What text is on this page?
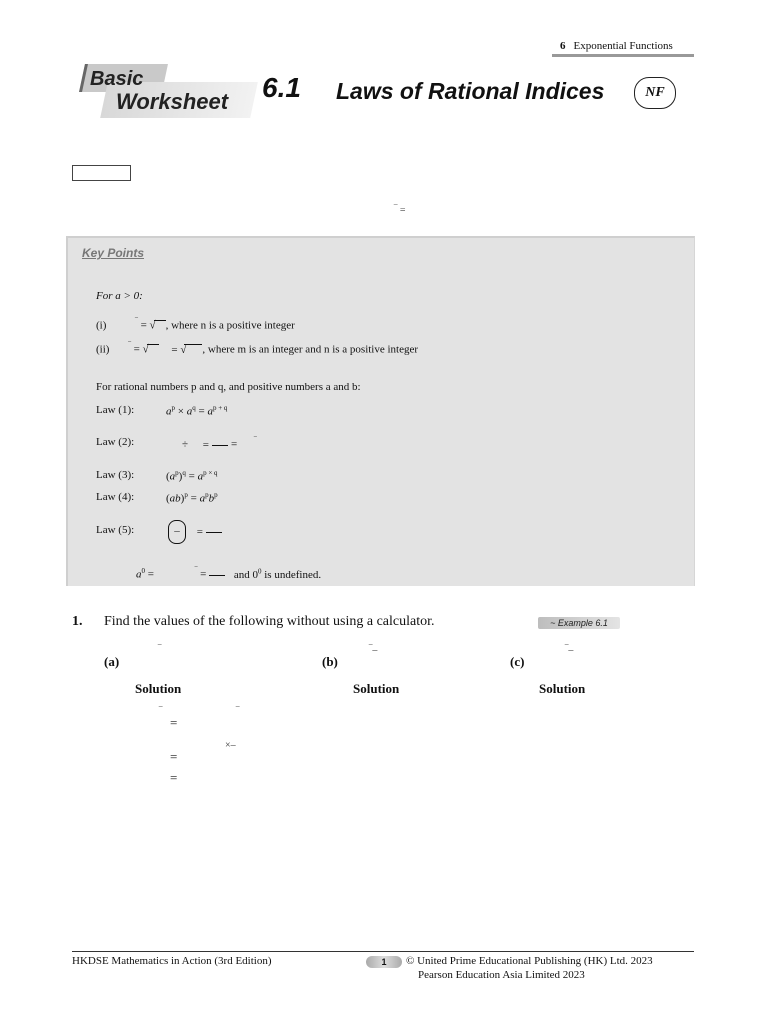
6 Exponential Functions
Basic
Worksheet 6.1 Laws of Rational Indices	NF
‾ =
Key Points
For a > 0:
(i)	‾ = √ , where n is a positive integer
(ii) ‾ = √ = √ , where m is an integer and n is a positive integer
For rational numbers p and q, and positive numbers a and b:
Law (1):	$a^p \times a^q = a^{p + q}$
Law (2):	÷ = = ‾
Law (3):	$(a^p)^q = a^{p \times q}$
Law (4):	$(ab)^p = a^pb^p$
Law (5):	– =
$a^0$ =	‾ =  and $0^0$ is undefined.
1. Find the values of the following without using a calculator.	~ Example 6.1
(a)	(b)	(c)
‾	‾–	‾–
Solution	Solution	Solution
‾	‾
=
×–
=
=
HKDSE Mathematics in Action (3rd Edition)	1	© United Prime Educational Publishing (HK) Ltd. 2023
Pearson Education Asia Limited 2023
